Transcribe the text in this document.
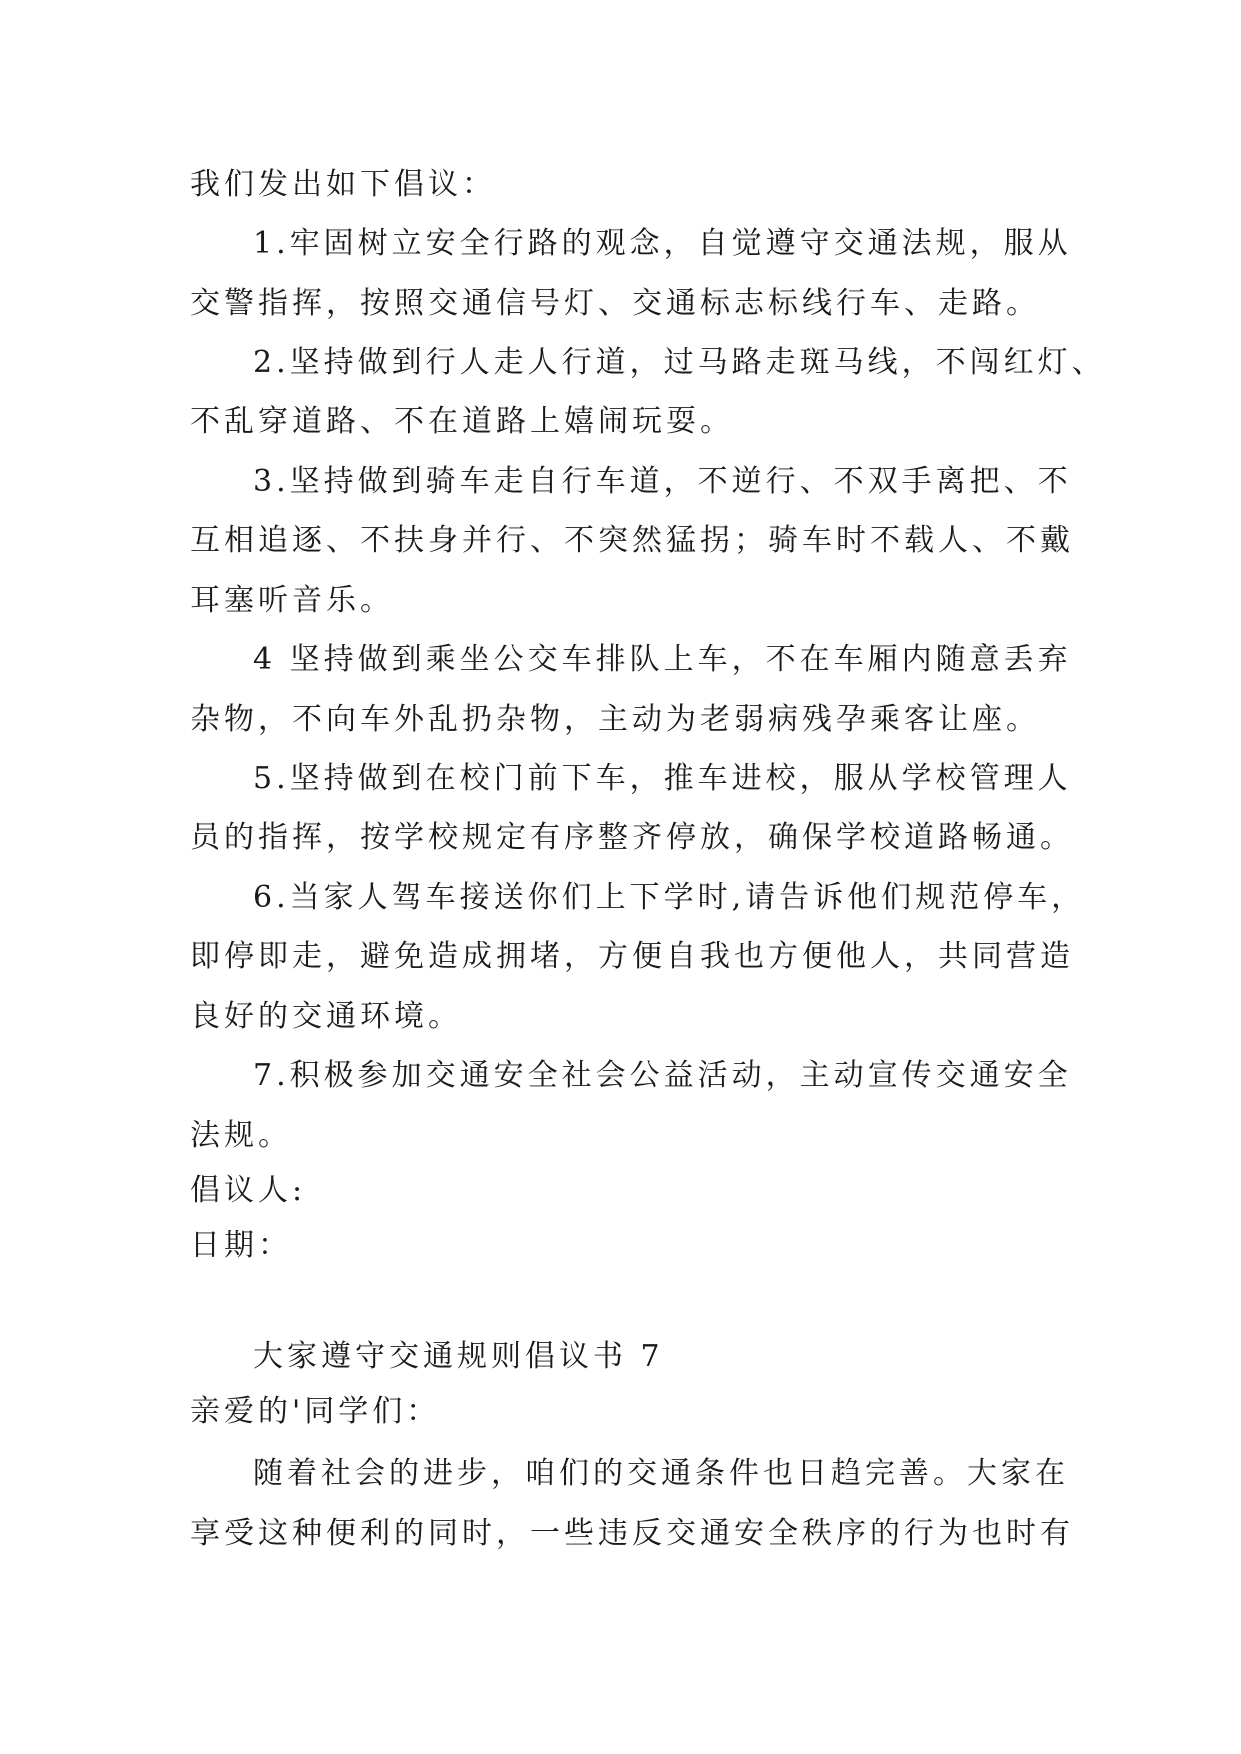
我们发出如下倡议：
1.牢固树立安全行路的观念，自觉遵守交通法规，服从
交警指挥，按照交通信号灯、交通标志标线行车、走路。
2.坚持做到行人走人行道，过马路走斑马线，不闯红灯、
不乱穿道路、不在道路上嬉闹玩耍。
3.坚持做到骑车走自行车道，不逆行、不双手离把、不
互相追逐、不扶身并行、不突然猛拐；骑车时不载人、不戴
耳塞听音乐。
4 坚持做到乘坐公交车排队上车，不在车厢内随意丢弃
杂物，不向车外乱扔杂物，主动为老弱病残孕乘客让座。
5.坚持做到在校门前下车，推车进校，服从学校管理人
员的指挥，按学校规定有序整齐停放，确保学校道路畅通。
6.当家人驾车接送你们上下学时,请告诉他们规范停车，
即停即走，避免造成拥堵，方便自我也方便他人，共同营造
良好的交通环境。
7.积极参加交通安全社会公益活动，主动宣传交通安全
法规。
倡议人:
日期：
大家遵守交通规则倡议书 7
亲爱的'同学们：
随着社会的进步，咱们的交通条件也日趋完善。大家在
享受这种便利的同时，一些违反交通安全秩序的行为也时有
